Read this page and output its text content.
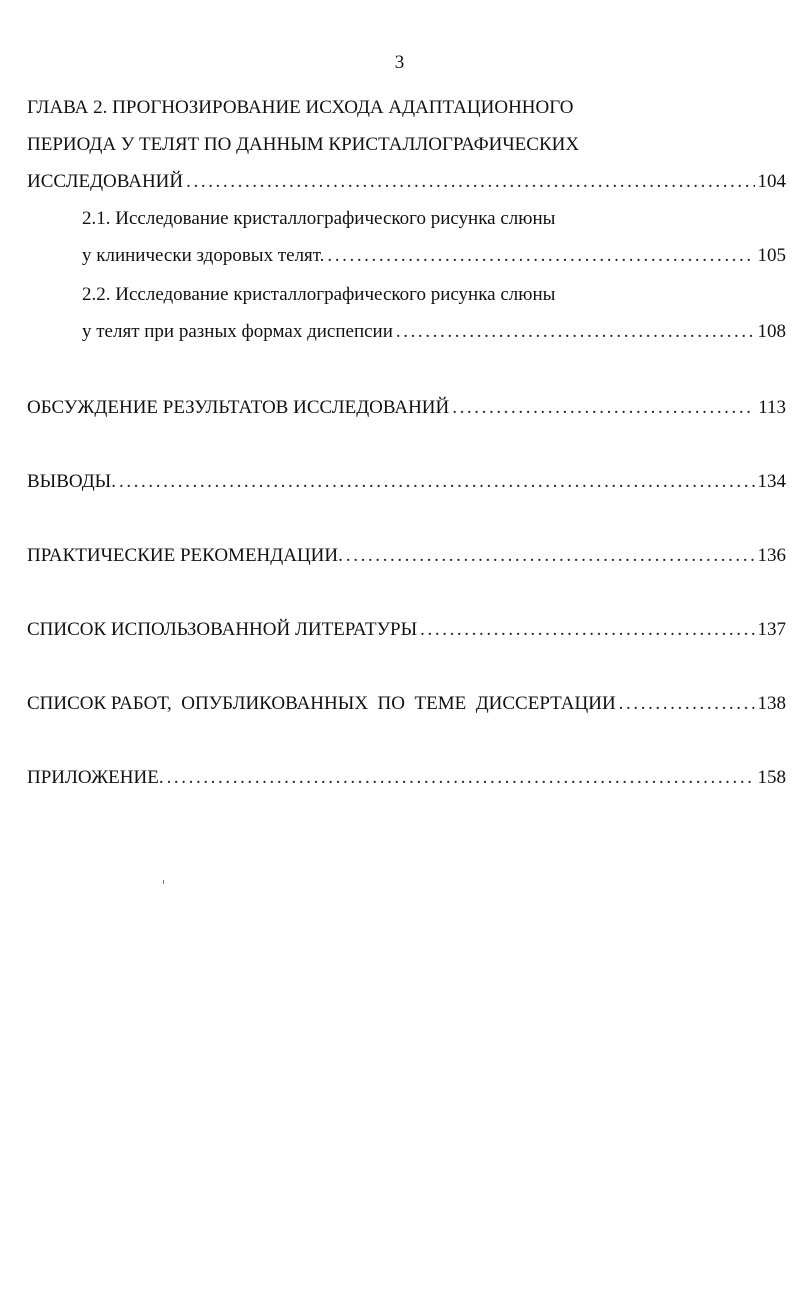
3
ГЛАВА 2. ПРОГНОЗИРОВАНИЕ ИСХОДА АДАПТАЦИОННОГО
ПЕРИОДА У ТЕЛЯТ ПО ДАННЫМ КРИСТАЛЛОГРАФИЧЕСКИХ
ИССЛЕДОВАНИЙ .....	104
2.1. Исследование кристаллографического рисунка слюны
у клинически здоровых телят. .....	105
2.2. Исследование кристаллографического рисунка слюны
у телят при разных формах диспепсии .....	108
ОБСУЖДЕНИЕ РЕЗУЛЬТАТОВ ИССЛЕДОВАНИЙ .....	113
ВЫВОДЫ. .....	134
ПРАКТИЧЕСКИЕ РЕКОМЕНДАЦИИ. .....	136
СПИСОК ИСПОЛЬЗОВАННОЙ ЛИТЕРАТУРЫ .....	137
СПИСОК РАБОТ,  ОПУБЛИКОВАННЫХ  ПО  ТЕМЕ  ДИССЕРТАЦИИ .....	138
ПРИЛОЖЕНИЕ. .....	158
